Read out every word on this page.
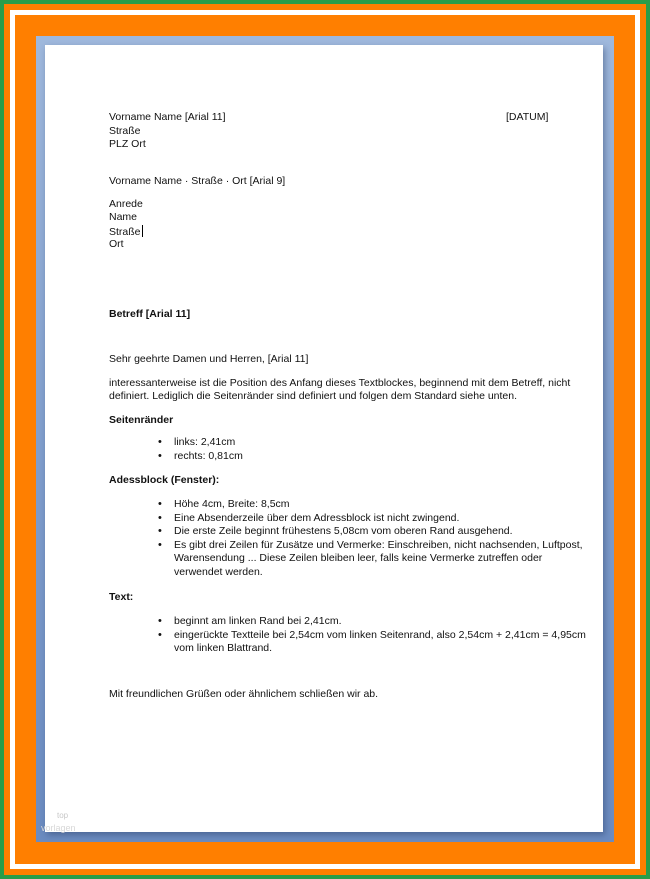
Vorname Name [Arial 11]	[DATUM]
Straße
PLZ Ort
Vorname Name · Straße · Ort [Arial 9]
Anrede
Name
Straße
Ort
Betreff [Arial 11]
Sehr geehrte Damen und Herren, [Arial 11]
interessanterweise ist die Position des Anfang dieses Textblockes, beginnend mit dem Betreff, nicht
definiert. Lediglich die Seitenränder sind definiert und folgen dem Standard siehe unten.
Seitenränder
• links: 2,41cm
• rechts: 0,81cm
Adessblock (Fenster):
• Höhe 4cm, Breite: 8,5cm
• Eine Absenderzeile über dem Adressblock ist nicht zwingend.
• Die erste Zeile beginnt frühestens 5,08cm vom oberen Rand ausgehend.
• Es gibt drei Zeilen für Zusätze und Vermerke: Einschreiben, nicht nachsenden, Luftpost, Warensendung ... Diese Zeilen bleiben leer, falls keine Vermerke zutreffen oder verwendet werden.
Text:
• beginnt am linken Rand bei 2,41cm.
• eingerückte Textteile bei 2,54cm vom linken Seitenrand, also 2,54cm + 2,41cm = 4,95cm vom linken Blattrand.
Mit freundlichen Grüßen oder ähnlichem schließen wir ab.
top
vorlagen
